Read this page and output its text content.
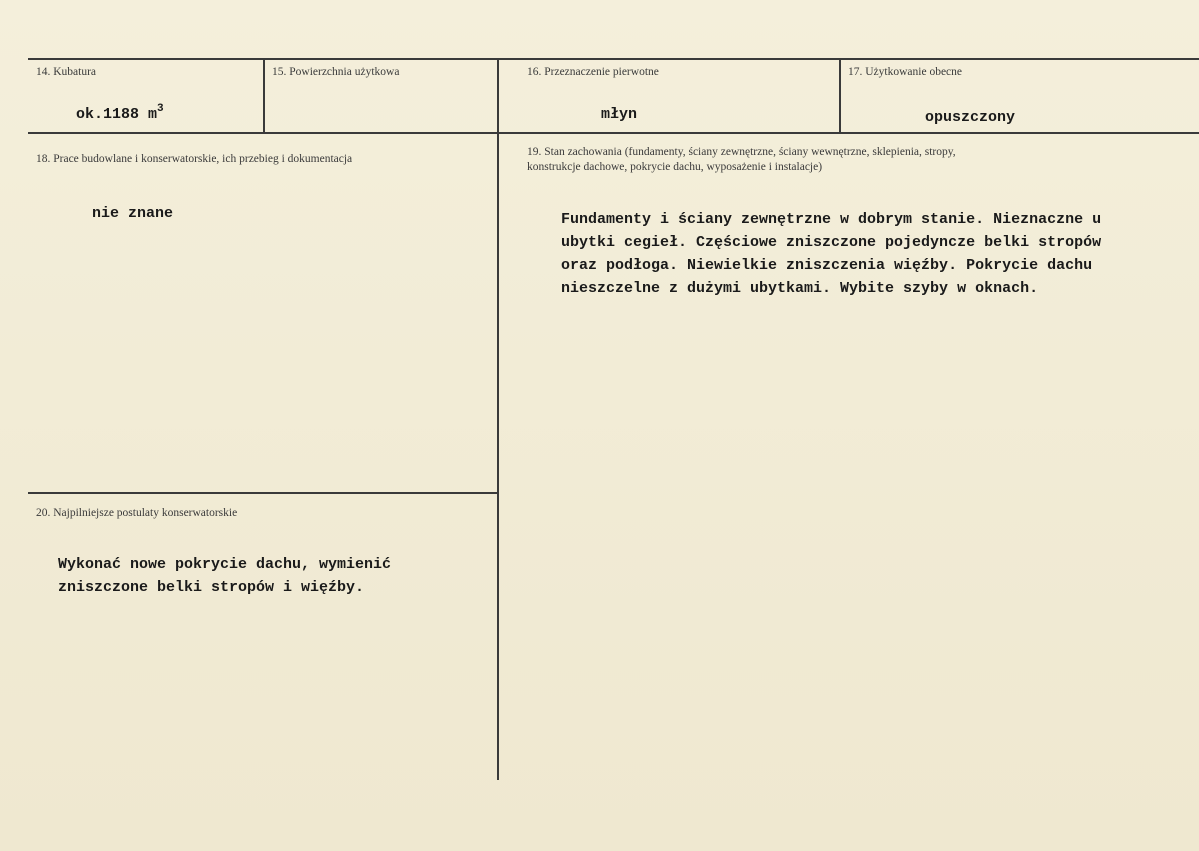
14. Kubatura
ok.1188 $m^3$
15. Powierzchnia użytkowa	16. Przeznaczenie pierwotne
młyn
17. Użytkowanie obecne
opuszczony
18. Prace budowlane i konserwatorskie, ich przebieg i dokumentacja
nie znane
19. Stan zachowania (fundamenty, ściany zewnętrzne, ściany wewnętrzne, sklepienia, stropy,
konstrukcje dachowe, pokrycie dachu, wyposażenie i instalacje)
Fundamenty i ściany zewnętrzne w dobrym stanie. Nieznaczne u
ubytki cegieł. Częściowe zniszczone pojedyncze belki stropów
oraz podłoga. Niewielkie zniszczenia więźby. Pokrycie dachu
nieszczelne z dużymi ubytkami. Wybite szyby w oknach.
20. Najpilniejsze postulaty konserwatorskie
Wykonać nowe pokrycie dachu, wymienić
zniszczone belki stropów i więźby.
